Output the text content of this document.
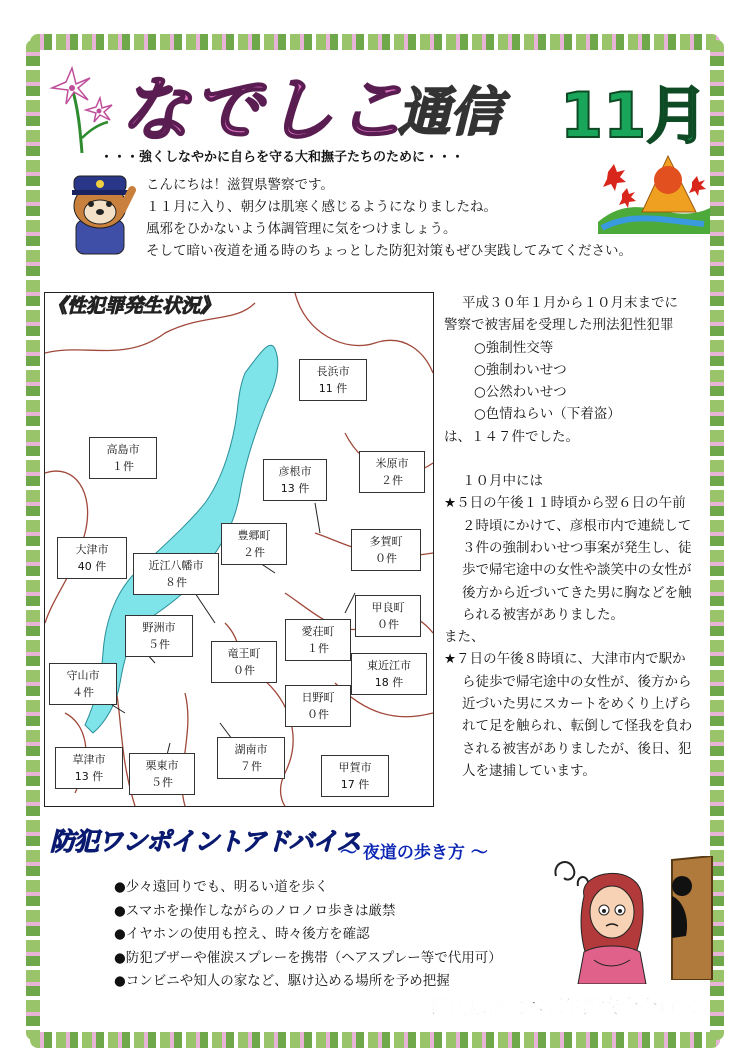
なでしこ
通信 11月
・・・強くしなやかに自らを守る大和撫子たちのために・・・
こんにちは！滋賀県警察です。
１１月に入り、朝夕は肌寒く感じるようになりましたね。
風邪をひかないよう体調管理に気をつけましょう。
そして暗い夜道を通る時のちょっとした防犯対策もぜひ実践してみてください。
長浜市
11 件
高島市
１件	彦根市
13 件
米原市
２件
豊郷町
２件
多賀町
０件
大津市
40 件	近江八幡市
８件
甲良町
０件
野洲市
５件
愛荘町
１件
竜王町
０件	東近江市
18 件
守山市
４件	日野町
０件
草津市
13 件
栗東市
５件
湖南市
７件	甲賀市
17 件
《性犯罪発生状況》	平成３０年１月から１０月末までに
警察で被害届を受理した刑法犯性犯罪
○強制性交等
○強制わいせつ
○公然わいせつ
○色情ねらい（下着盗）
は、１４７件でした。
１０月中には
★５日の午後１１時頃から翌６日の午前
２時頃にかけて、彦根市内で連続して
３件の強制わいせつ事案が発生し、徒
歩で帰宅途中の女性や談笑中の女性が
後方から近づいてきた男に胸などを触
られる被害がありました。
また、
★７日の午後８時頃に、大津市内で駅か
ら徒歩で帰宅途中の女性が、後方から
近づいた男にスカートをめくり上げら
れて足を触られ、転倒して怪我を負わ
される被害がありましたが、後日、犯
人を逮捕しています。
防犯ワンポイントアドバイス
～ 夜道の歩き方 ～
●少々遠回りでも、明るい道を歩く
●スマホを操作しながらのノロノロ歩きは厳禁
●イヤホンの使用も控え、時々後方を確認
●防犯ブザーや催涙スプレーを携帯（ヘアスプレー等で代用可）
●コンビニや知人の家など、駆け込める場所を予め把握
滋賀県警察本部生活安全企画課
